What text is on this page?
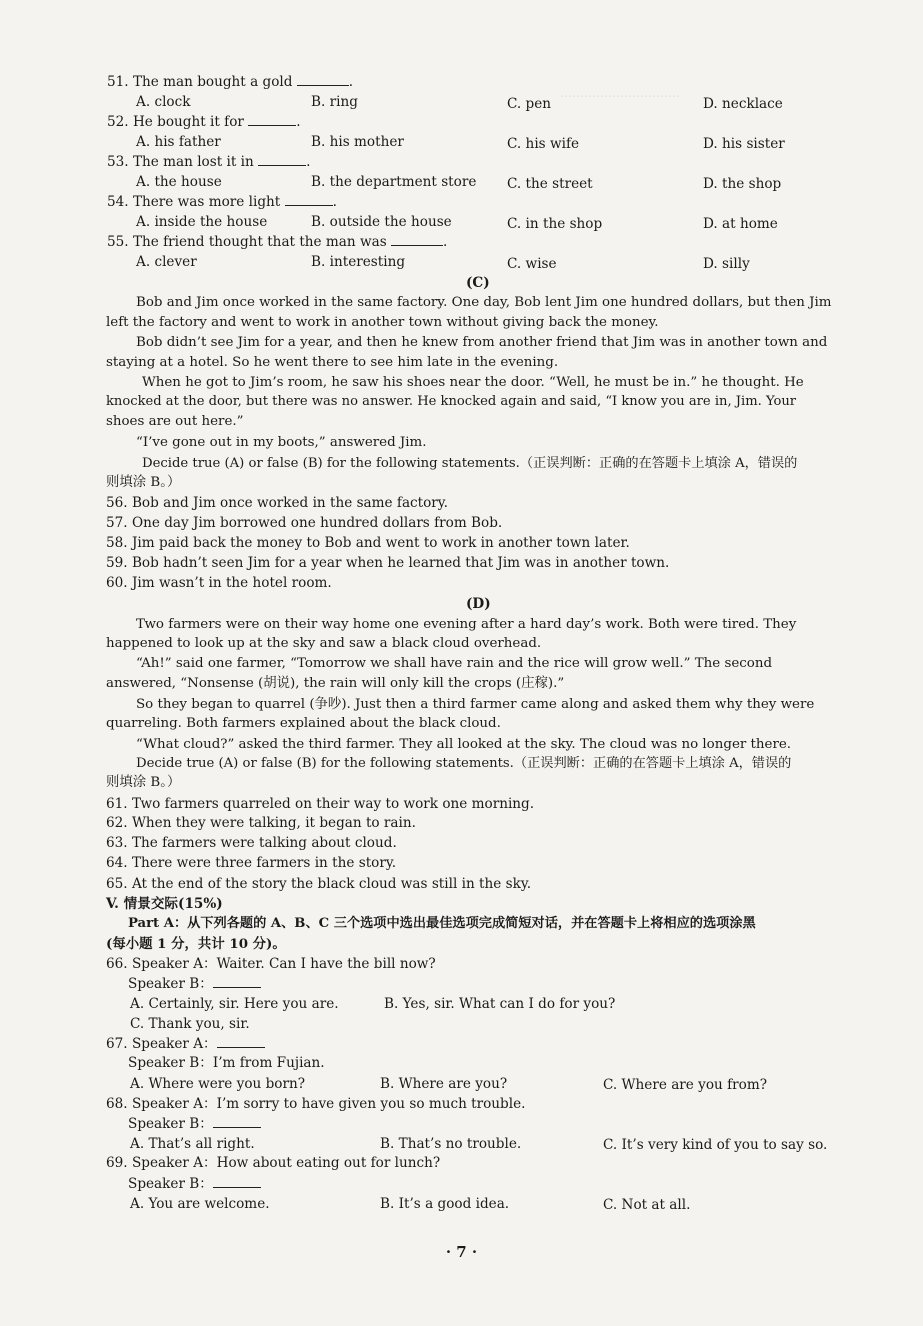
…………………………
51. The man bought a gold	.
A. clock	B. ring	C. pen	D. necklace
52. He bought it for	.
A. his father	B. his mother	C. his wife	D. his sister
53. The man lost it in	.
A. the house	B. the department store C. the street	D. the shop
54. There was more light	.
A. inside the house	B. outside the house	C. in the shop	D. at home
55. The friend thought that the man was	.
A. clever	B. interesting	C. wise	D. silly
(C)
Bob and Jim once worked in the same factory. One day, Bob lent Jim one hundred dollars, but then Jim
left the factory and went to work in another town without giving back the money.
Bob didn’t see Jim for a year, and then he knew from another friend that Jim was in another town and
staying at a hotel. So he went there to see him late in the evening.
When he got to Jim’s room, he saw his shoes near the door. “Well, he must be in.” he thought. He
knocked at the door, but there was no answer. He knocked again and said, “I know you are in, Jim. Your
shoes are out here.”
“I’ve gone out in my boots,” answered Jim.
Decide true (A) or false (B) for the following statements.（正误判断：正确的在答题卡上填涂 A，错误的
则填涂 B。）
56. Bob and Jim once worked in the same factory.
57. One day Jim borrowed one hundred dollars from Bob.
58. Jim paid back the money to Bob and went to work in another town later.
59. Bob hadn’t seen Jim for a year when he learned that Jim was in another town.
60. Jim wasn’t in the hotel room.
(D)
Two farmers were on their way home one evening after a hard day’s work. Both were tired. They
happened to look up at the sky and saw a black cloud overhead.
“Ah!” said one farmer, “Tomorrow we shall have rain and the rice will grow well.” The second
answered, “Nonsense (胡说), the rain will only kill the crops (庄稼).”
So they began to quarrel (争吵). Just then a third farmer came along and asked them why they were
quarreling. Both farmers explained about the black cloud.
“What cloud?” asked the third farmer. They all looked at the sky. The cloud was no longer there.
Decide true (A) or false (B) for the following statements.（正误判断：正确的在答题卡上填涂 A，错误的
则填涂 B。）
61. Two farmers quarreled on their way to work one morning.
62. When they were talking, it began to rain.
63. The farmers were talking about cloud.
64. There were three farmers in the story.
65. At the end of the story the black cloud was still in the sky.
V. 情景交际(15%)
Part A：从下列各题的 A、B、C 三个选项中选出最佳选项完成简短对话，并在答题卡上将相应的选项涂黑
(每小题 1 分，共计 10 分)。
66. Speaker A：Waiter. Can I have the bill now?
Speaker B：
A. Certainly, sir. Here you are.	B. Yes, sir. What can I do for you?
C. Thank you, sir.
67. Speaker A：
Speaker B：I’m from Fujian.
A. Where were you born?	B. Where are you?	C. Where are you from?
68. Speaker A：I’m sorry to have given you so much trouble.
Speaker B：
A. That’s all right.	B. That’s no trouble.	C. It’s very kind of you to say so.
69. Speaker A：How about eating out for lunch?
Speaker B：
A. You are welcome.	B. It’s a good idea.	C. Not at all.
· 7 ·
